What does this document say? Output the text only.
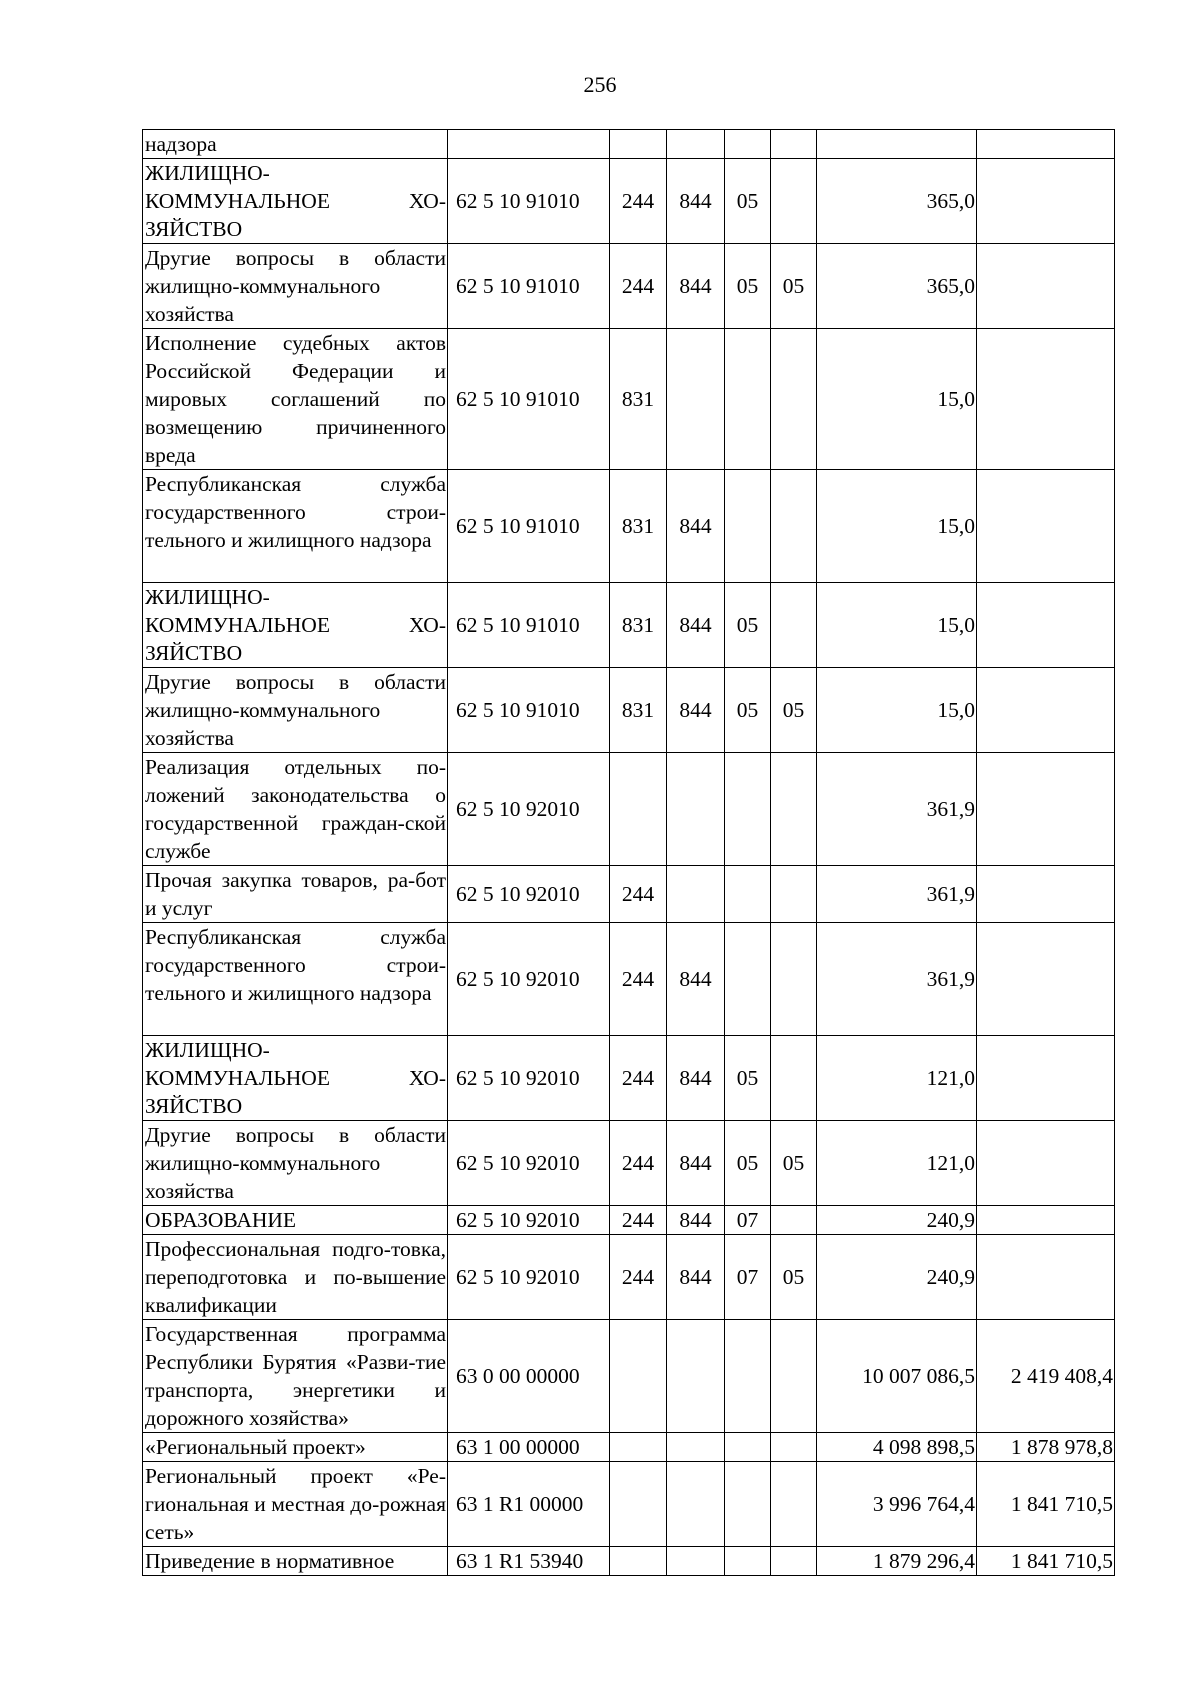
256
надзора							
ЖИЛИЩНО-КОММУНАЛЬНОЕ ХО-ЗЯЙСТВО	62 5 10 91010	244	844	05		365,0	
Другие вопросы в области жилищно-коммунального хозяйства	62 5 10 91010	244	844	05	05	365,0	
Исполнение судебных актов Российской Федерации и мировых соглашений по возмещению причиненного вреда	62 5 10 91010	831				15,0	
Республиканская служба государственного строи-тельного и жилищного надзора	62 5 10 91010	831	844			15,0	
ЖИЛИЩНО-КОММУНАЛЬНОЕ ХО-ЗЯЙСТВО	62 5 10 91010	831	844	05		15,0	
Другие вопросы в области жилищно-коммунального хозяйства	62 5 10 91010	831	844	05	05	15,0	
Реализация отдельных по-ложений законодательства о государственной граждан-ской службе	62 5 10 92010					361,9	
Прочая закупка товаров, ра-бот и услуг	62 5 10 92010	244				361,9	
Республиканская служба государственного строи-тельного и жилищного надзора	62 5 10 92010	244	844			361,9	
ЖИЛИЩНО-КОММУНАЛЬНОЕ ХО-ЗЯЙСТВО	62 5 10 92010	244	844	05		121,0	
Другие вопросы в области жилищно-коммунального хозяйства	62 5 10 92010	244	844	05	05	121,0	
ОБРАЗОВАНИЕ	62 5 10 92010	244	844	07		240,9	
Профессиональная подго-товка, переподготовка и по-вышение квалификации	62 5 10 92010	244	844	07	05	240,9	
Государственная программа Республики Бурятия «Разви-тие транспорта, энергетики и дорожного хозяйства»	63 0 00 00000					10 007 086,5	2 419 408,4
«Региональный проект»	63 1 00 00000					4 098 898,5	1 878 978,8
Региональный проект «Ре-гиональная и местная до-рожная сеть»	63 1 R1 00000					3 996 764,4	1 841 710,5
Приведение в нормативное	63 1 R1 53940					1 879 296,4	1 841 710,5
